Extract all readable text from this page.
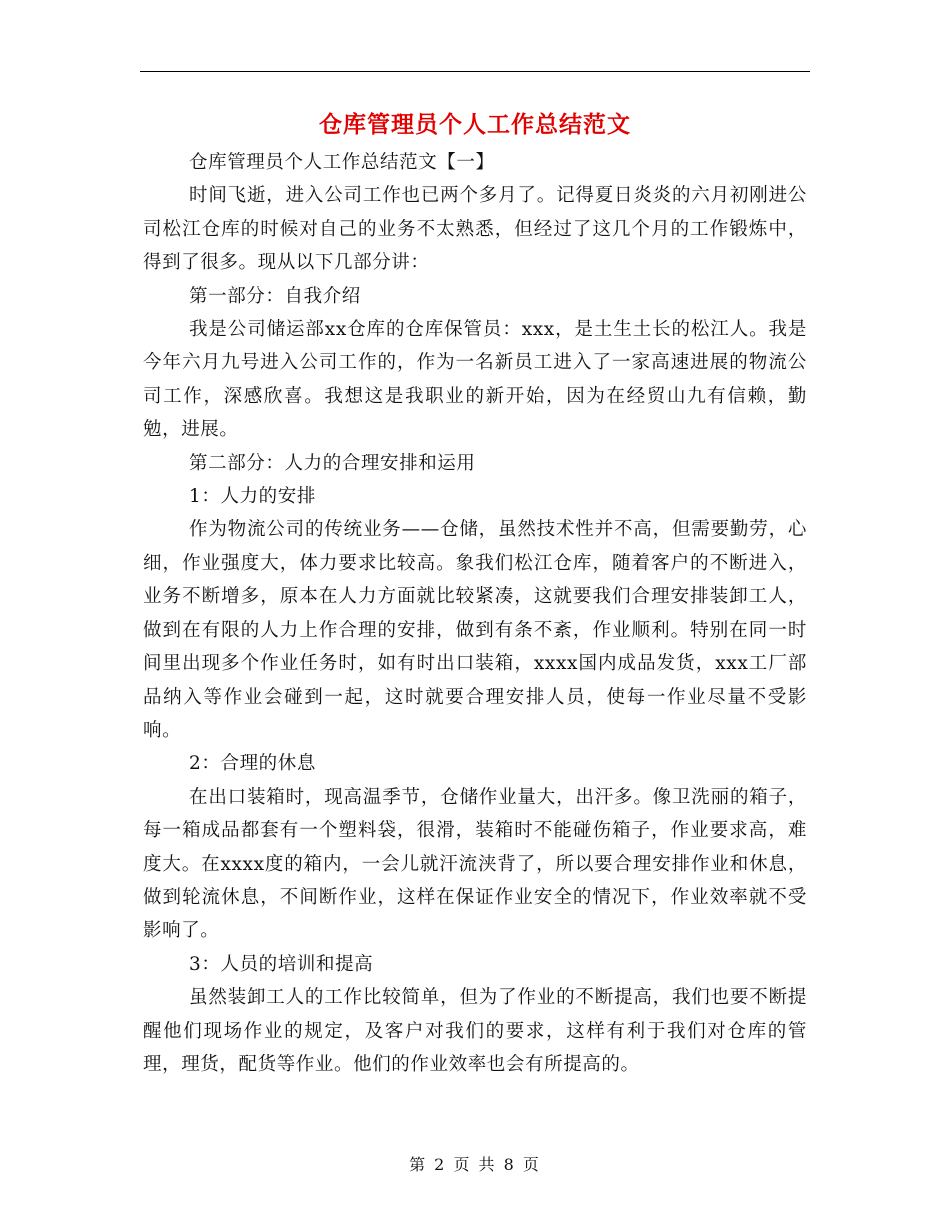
仓库管理员个人工作总结范文

仓库管理员个人工作总结范文【一】

时间飞逝，进入公司工作也已两个多月了。记得夏日炎炎的六月初刚进公司松江仓库的时候对自己的业务不太熟悉，但经过了这几个月的工作锻炼中，得到了很多。现从以下几部分讲：

第一部分：自我介绍

我是公司储运部xx仓库的仓库保管员：xxx，是土生土长的松江人。我是今年六月九号进入公司工作的，作为一名新员工进入了一家高速进展的物流公司工作，深感欣喜。我想这是我职业的新开始，因为在经贸山九有信赖，勤勉，进展。

第二部分：人力的合理安排和运用

1：人力的安排

作为物流公司的传统业务——仓储，虽然技术性并不高，但需要勤劳，心细，作业强度大，体力要求比较高。象我们松江仓库，随着客户的不断进入，业务不断增多，原本在人力方面就比较紧凑，这就要我们合理安排装卸工人，做到在有限的人力上作合理的安排，做到有条不紊，作业顺利。特别在同一时间里出现多个作业任务时，如有时出口装箱，xxxx国内成品发货，xxx工厂部品纳入等作业会碰到一起，这时就要合理安排人员，使每一作业尽量不受影响。

2：合理的休息

在出口装箱时，现高温季节，仓储作业量大，出汗多。像卫洗丽的箱子，每一箱成品都套有一个塑料袋，很滑，装箱时不能碰伤箱子，作业要求高，难度大。在xxxx度的箱内，一会儿就汗流浃背了，所以要合理安排作业和休息，做到轮流休息，不间断作业，这样在保证作业安全的情况下，作业效率就不受影响了。

3：人员的培训和提高

虽然装卸工人的工作比较简单，但为了作业的不断提高，我们也要不断提醒他们现场作业的规定，及客户对我们的要求，这样有利于我们对仓库的管理，理货，配货等作业。他们的作业效率也会有所提高的。

第 2 页 共 8 页
